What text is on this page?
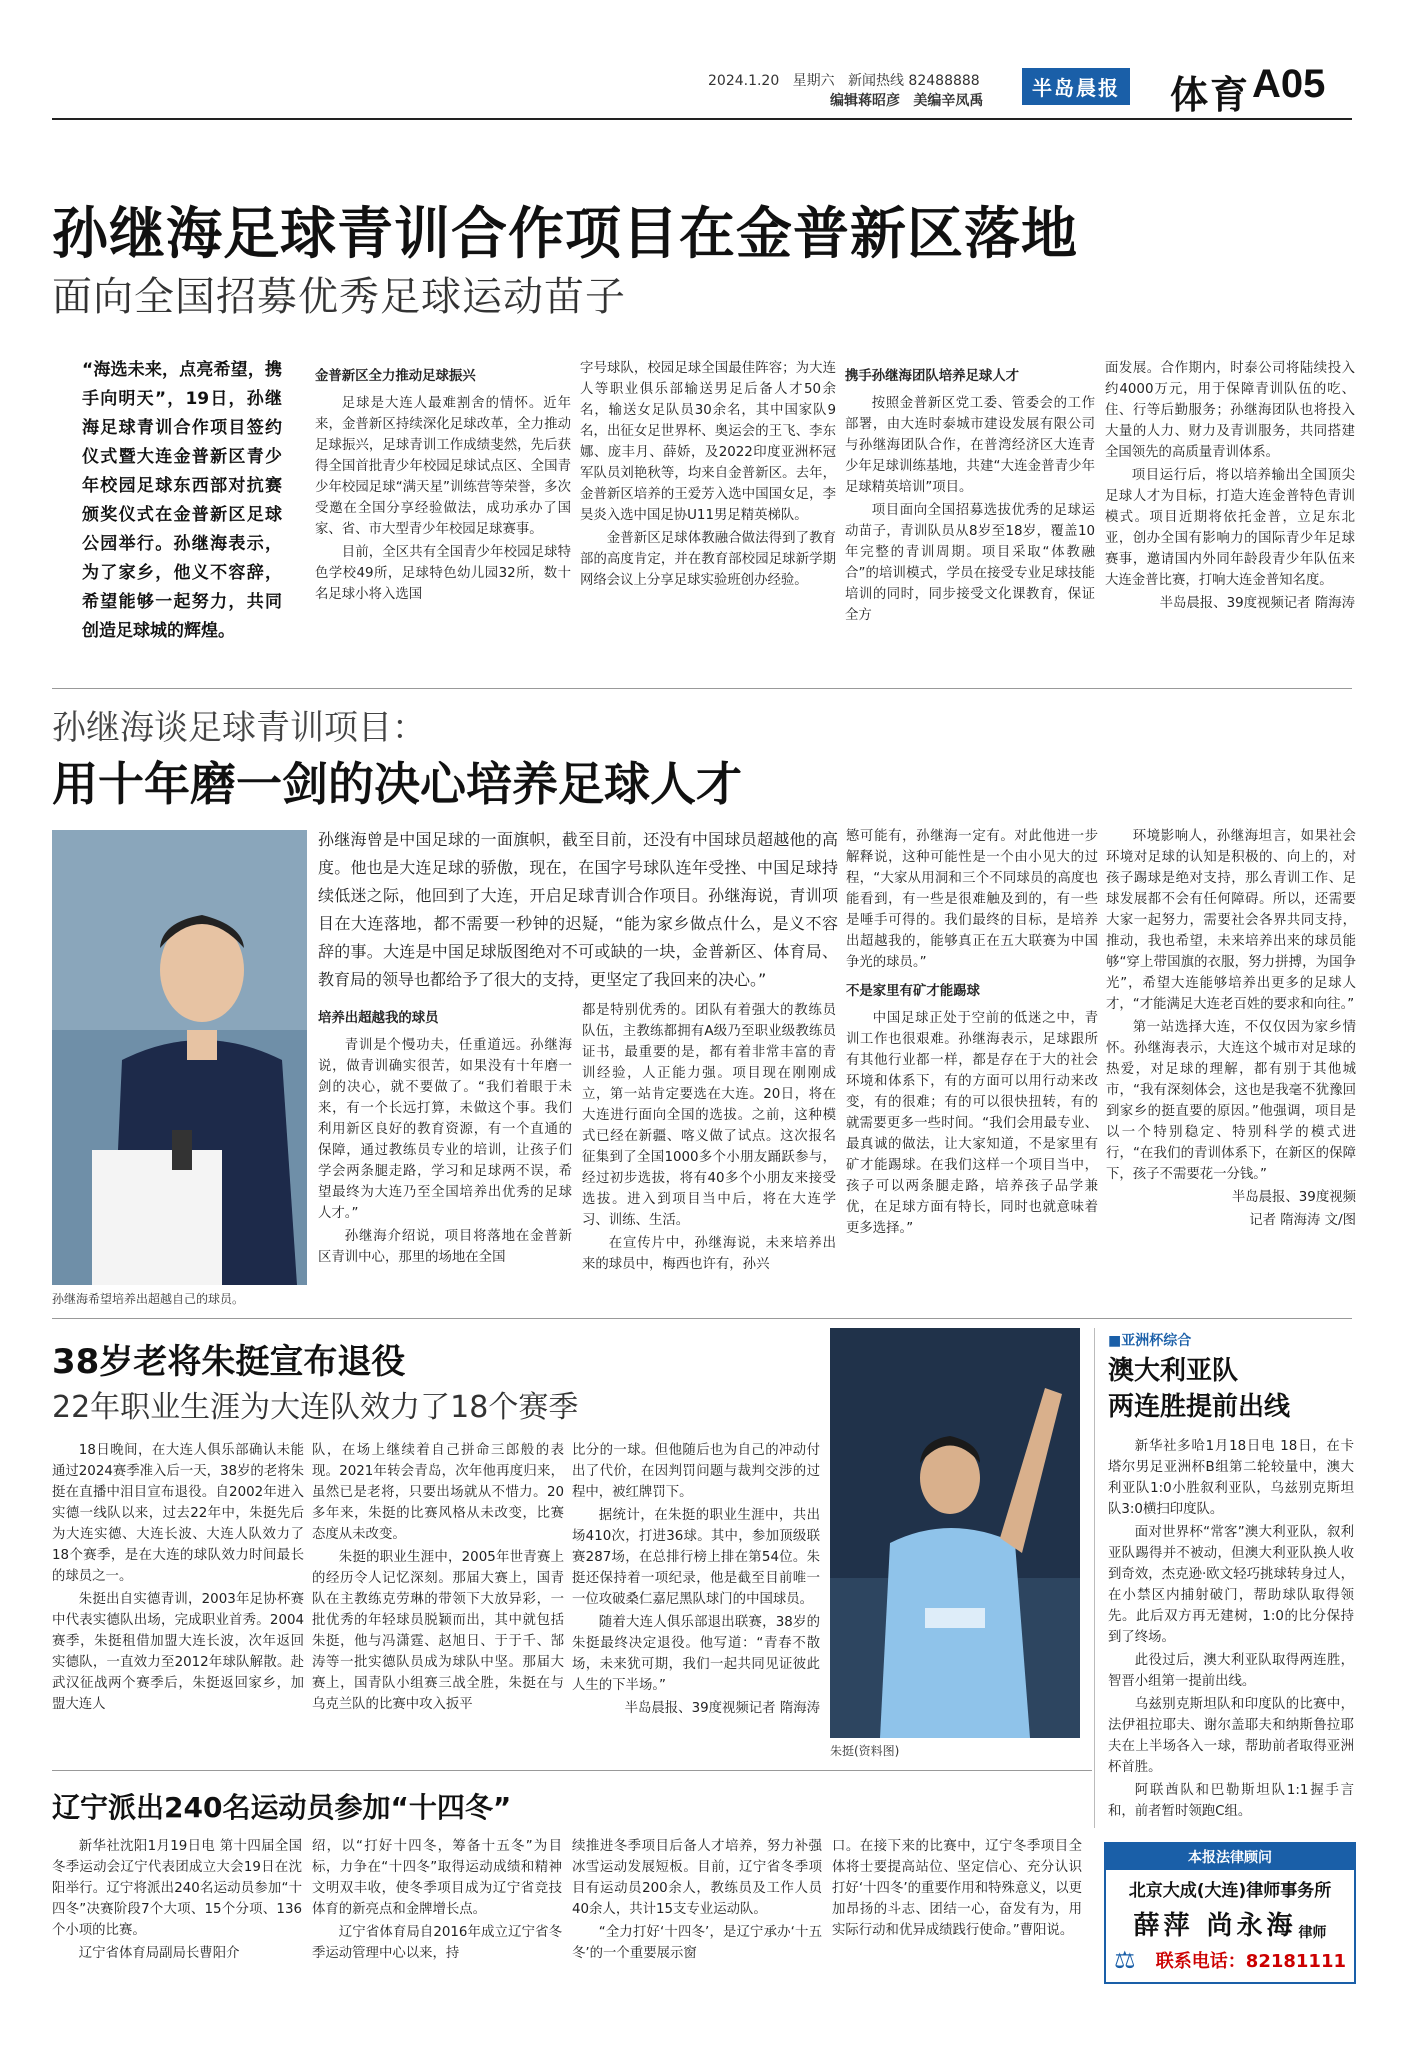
2024.1.20 星期六 新闻热线 82488888
编辑蒋昭彦 美编辛凤禹
半岛晨报 体育 A05
孙继海足球青训合作项目在金普新区落地
面向全国招募优秀足球运动苗子
“海选未来，点亮希望，携手向明天”，19日，孙继海足球青训合作项目签约仪式暨大连金普新区青少年校园足球东西部对抗赛颁奖仪式在金普新区足球公园举行。孙继海表示，为了家乡，他义不容辞，希望能够一起努力，共同创造足球城的辉煌。

金普新区全力推动足球振兴

足球是大连人最难割舍的情怀。近年来，金普新区持续深化足球改革，全力推动足球振兴，足球青训工作成绩斐然，先后获得全国首批青少年校园足球试点区、全国青少年校园足球“满天星”训练营等荣誉，多次受邀在全国分享经验做法，成功承办了国家、省、市大型青少年校园足球赛事。

目前，全区共有全国青少年校园足球特色学校49所，足球特色幼儿园32所，数十名足球小将入选国

字号球队，校园足球全国最佳阵容；为大连人等职业俱乐部输送男足后备人才50余名，输送女足队员30余名，其中国家队9名，出征女足世界杯、奥运会的王飞、李东娜、庞丰月、薛娇，及2022印度亚洲杯冠军队员刘艳秋等，均来自金普新区。去年，金普新区培养的王爱芳入选中国国女足，李昊炎入选中国足协U11男足精英梯队。

金普新区足球体教融合做法得到了教育部的高度肯定，并在教育部校园足球新学期网络会议上分享足球实验班创办经验。

携手孙继海团队培养足球人才

按照金普新区党工委、管委会的工作部署，由大连时泰城市建设发展有限公司与孙继海团队合作，在普湾经济区大连青少年足球训练基地，共建“大连金普青少年足球精英培训”项目。

项目面向全国招募选拔优秀的足球运动苗子，青训队员从8岁至18岁，覆盖10年完整的青训周期。项目采取“体教融合”的培训模式，学员在接受专业足球技能培训的同时，同步接受文化课教育，保证全方

面发展。合作期内，时泰公司将陆续投入约4000万元，用于保障青训队伍的吃、住、行等后勤服务；孙继海团队也将投入大量的人力、财力及青训服务，共同搭建全国领先的高质量青训体系。

项目运行后，将以培养输出全国顶尖足球人才为目标，打造大连金普特色青训模式。项目近期将依托金普，立足东北亚，创办全国有影响力的国际青少年足球赛事，邀请国内外同年龄段青少年队伍来大连金普比赛，打响大连金普知名度。

半岛晨报、39度视频记者 隋海涛

孙继海谈足球青训项目：
用十年磨一剑的决心培养足球人才
孙继海希望培养出超越自己的球员。
孙继海曾是中国足球的一面旗帜，截至目前，还没有中国球员超越他的高度。他也是大连足球的骄傲，现在，在国字号球队连年受挫、中国足球持续低迷之际，他回到了大连，开启足球青训合作项目。孙继海说，青训项目在大连落地，都不需要一秒钟的迟疑，“能为家乡做点什么，是义不容辞的事。大连是中国足球版图绝对不可或缺的一块，金普新区、体育局、教育局的领导也都给予了很大的支持，更坚定了我回来的决心。”

培养出超越我的球员

青训是个慢功夫，任重道远。孙继海说，做青训确实很苦，如果没有十年磨一剑的决心，就不要做了。“我们着眼于未来，有一个长远打算，未做这个事。我们利用新区良好的教育资源，有一个直通的保障，通过教练员专业的培训，让孩子们学会两条腿走路，学习和足球两不误，希望最终为大连乃至全国培养出优秀的足球人才。”

孙继海介绍说，项目将落地在金普新区青训中心，那里的场地在全国

都是特别优秀的。团队有着强大的教练员队伍，主教练都拥有A级乃至职业级教练员证书，最重要的是，都有着非常丰富的青训经验，人正能力强。项目现在刚刚成立，第一站肯定要选在大连。20日，将在大连进行面向全国的选拔。之前，这种模式已经在新疆、喀义做了试点。这次报名征集到了全国1000多个小朋友踊跃参与，经过初步选拔，将有40多个小朋友来接受选拔。进入到项目当中后，将在大连学习、训练、生活。

在宣传片中，孙继海说，未来培养出来的球员中，梅西也许有，孙兴

慜可能有，孙继海一定有。对此他进一步解释说，这种可能性是一个由小见大的过程，“大家从用洞和三个不同球员的高度也能看到，有一些是很难触及到的，有一些是唾手可得的。我们最终的目标，是培养出超越我的，能够真正在五大联赛为中国争光的球员。”

不是家里有矿才能踢球

中国足球正处于空前的低迷之中，青训工作也很艰难。孙继海表示，足球跟所有其他行业都一样，都是存在于大的社会环境和体系下，有的方面可以用行动来改变，有的很难；有的可以很快扭转，有的就需要更多一些时间。“我们会用最专业、最真诚的做法，让大家知道，不是家里有矿才能踢球。在我们这样一个项目当中，孩子可以两条腿走路，培养孩子品学兼优，在足球方面有特长，同时也就意味着更多选择。”

环境影响人，孙继海坦言，如果社会环境对足球的认知是积极的、向上的，对孩子踢球是绝对支持，那么青训工作、足球发展都不会有任何障碍。所以，还需要大家一起努力，需要社会各界共同支持，推动，我也希望，未来培养出来的球员能够“穿上带国旗的衣服，努力拼搏，为国争光”，希望大连能够培养出更多的足球人才，“才能满足大连老百姓的要求和向往。”

第一站选择大连，不仅仅因为家乡情怀。孙继海表示，大连这个城市对足球的热爱，对足球的理解，都有别于其他城市，“我有深刻体会，这也是我毫不犹豫回到家乡的挺直要的原因。”他强调，项目是以一个特别稳定、特别科学的模式进行，“在我们的青训体系下，在新区的保障下，孩子不需要花一分钱。”

半岛晨报、39度视频

记者 隋海涛 文/图

38岁老将朱挺宣布退役
22年职业生涯为大连队效力了18个赛季

18日晚间，在大连人俱乐部确认未能通过2024赛季准入后一天，38岁的老将朱挺在直播中泪目宣布退役。自2002年进入实德一线队以来，过去22年中，朱挺先后为大连实德、大连长波、大连人队效力了18个赛季，是在大连的球队效力时间最长的球员之一。

朱挺出自实德青训，2003年足协杯赛中代表实德队出场，完成职业首秀。2004赛季，朱挺租借加盟大连长波，次年返回实德队，一直效力至2012年球队解散。赴武汉征战两个赛季后，朱挺返回家乡，加盟大连人

队，在场上继续着自己拼命三郎般的表现。2021年转会青岛，次年他再度归来，虽然已是老将，只要出场就从不惜力。20多年来，朱挺的比赛风格从未改变，比赛态度从未改变。

朱挺的职业生涯中，2005年世青赛上的经历令人记忆深刻。那届大赛上，国青队在主教练克劳琳的带领下大放异彩，一批优秀的年轻球员脱颖而出，其中就包括朱挺，他与冯潇霆、赵旭日、于于千、郜涛等一批实德队员成为球队中坚。那届大赛上，国青队小组赛三战全胜，朱挺在与乌克兰队的比赛中攻入扳平

比分的一球。但他随后也为自己的冲动付出了代价，在因判罚问题与裁判交涉的过程中，被红牌罚下。

据统计，在朱挺的职业生涯中，共出场410次，打进36球。其中，参加顶级联赛287场，在总排行榜上排在第54位。朱挺还保持着一项纪录，他是截至目前唯一一位攻破桑仁嘉尼黑队球门的中国球员。

随着大连人俱乐部退出联赛，38岁的朱挺最终决定退役。他写道：“青春不散场，未来犹可期，我们一起共同见证彼此人生的下半场。”

半岛晨报、39度视频记者 隋海涛

朱挺(资料图)
■亚洲杯综合
澳大利亚队
两连胜提前出线

新华社多哈1月18日电 18日，在卡塔尔男足亚洲杯B组第二轮较量中，澳大利亚队1:0小胜叙利亚队，乌兹别克斯坦队3:0横扫印度队。

面对世界杯“常客”澳大利亚队，叙利亚队踢得并不被动，但澳大利亚队换人收到奇效，杰克逊·欧文轻巧挑球转身过人，在小禁区内捕射破门，帮助球队取得领先。此后双方再无建树，1:0的比分保持到了终场。

此役过后，澳大利亚队取得两连胜，智晋小组第一提前出线。

乌兹别克斯坦队和印度队的比赛中，法伊祖拉耶夫、谢尔盖耶夫和纳斯鲁拉耶夫在上半场各入一球，帮助前者取得亚洲杯首胜。

阿联酋队和巴勒斯坦队1:1握手言和，前者暂时领跑C组。

辽宁派出240名运动员参加“十四冬”

新华社沈阳1月19日电 第十四届全国冬季运动会辽宁代表团成立大会19日在沈阳举行。辽宁将派出240名运动员参加“十四冬”决赛阶段7个大项、15个分项、136个小项的比赛。

辽宁省体育局副局长曹阳介

绍，以“打好十四冬，筹备十五冬”为目标，力争在“十四冬”取得运动成绩和精神文明双丰收，使冬季项目成为辽宁省竞技体育的新亮点和金牌增长点。

辽宁省体育局自2016年成立辽宁省冬季运动管理中心以来，持

续推进冬季项目后备人才培养，努力补强冰雪运动发展短板。目前，辽宁省冬季项目有运动员200余人，教练员及工作人员40余人，共计15支专业运动队。

“全力打好‘十四冬’，是辽宁承办‘十五冬’的一个重要展示窗

口。在接下来的比赛中，辽宁冬季项目全体将士要提高站位、坚定信心、充分认识打好‘十四冬’的重要作用和特殊意义，以更加昂扬的斗志、团结一心，奋发有为，用实际行动和优异成绩践行使命。”曹阳说。

本报法律顾问
北京大成(大连)律师事务所
薛萍 尚永海 律师
⚖ 联系电话：82181111
